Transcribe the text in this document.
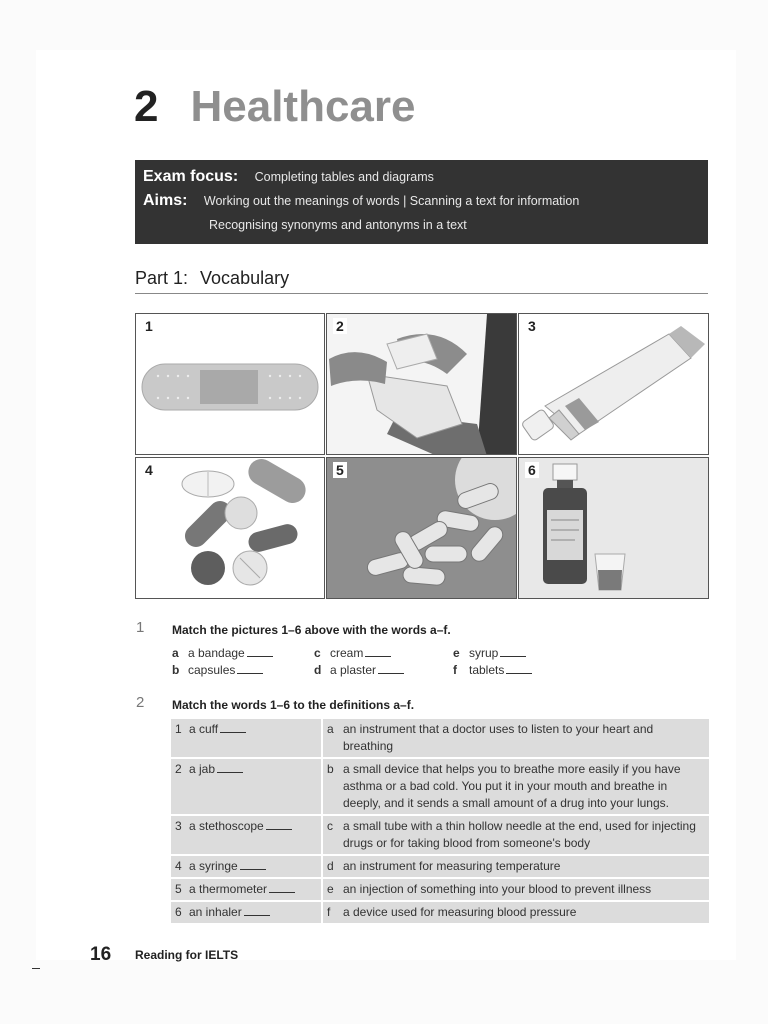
2 Healthcare
Exam focus: Completing tables and diagrams
Aims: Working out the meanings of words | Scanning a text for information
Recognising synonyms and antonyms in a text
Part 1: Vocabulary
1	2	3
4	5	6
1 Match the pictures 1–6 above with the words a–f.
a a bandage
b capsules
c cream
d a plaster
e syrup
f tablets
2 Match the words 1–6 to the definitions a–f.
1 a cuff	a	an instrument that a doctor uses to listen to your heart and breathing
2 a jab	b	a small device that helps you to breathe more easily if you have asthma or a bad cold. You put it in your mouth and breathe in deeply, and it sends a small amount of a drug into your lungs.
3 a stethoscope	c	a small tube with a thin hollow needle at the end, used for injecting drugs or for taking blood from someone's body
4 a syringe	d	an instrument for measuring temperature
5 a thermometer	e	an injection of something into your blood to prevent illness
6 an inhaler	f	a device used for measuring blood pressure
16 Reading for IELTS
